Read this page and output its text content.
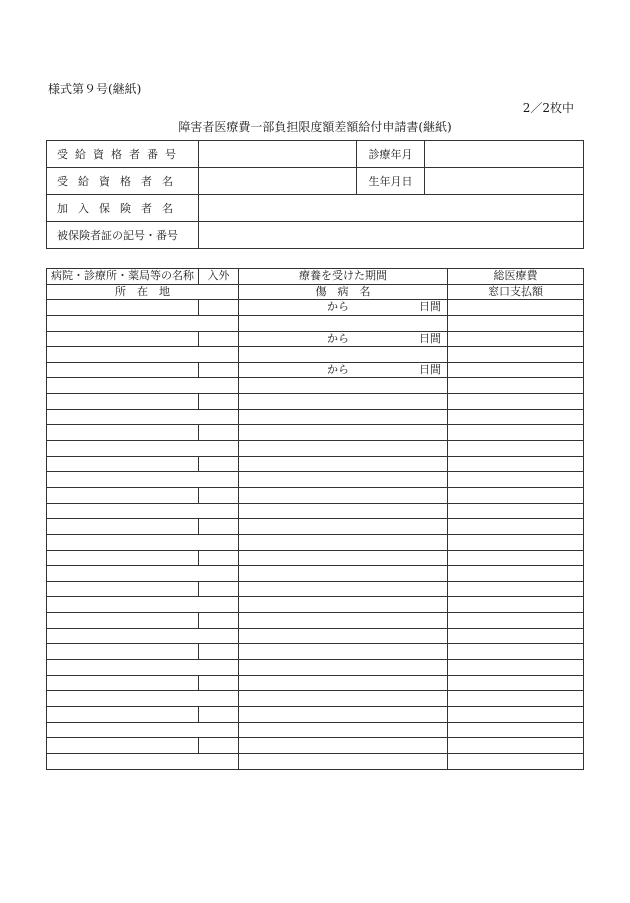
様式第９号(継紙)
2／2枚中
障害者医療費一部負担限度額差額給付申請書(継紙)
受給資格者番号		診療年月	
受給資格者名		生年月日	
加入保険者名			
被保険者証の記号・番号			
病院・診療所・薬局等の名称	入外	療養を受けた期間	総医療費
所　在　地		傷　病　名	窓口支払額

		から 日間	

		から 日間	

		から 日間	
